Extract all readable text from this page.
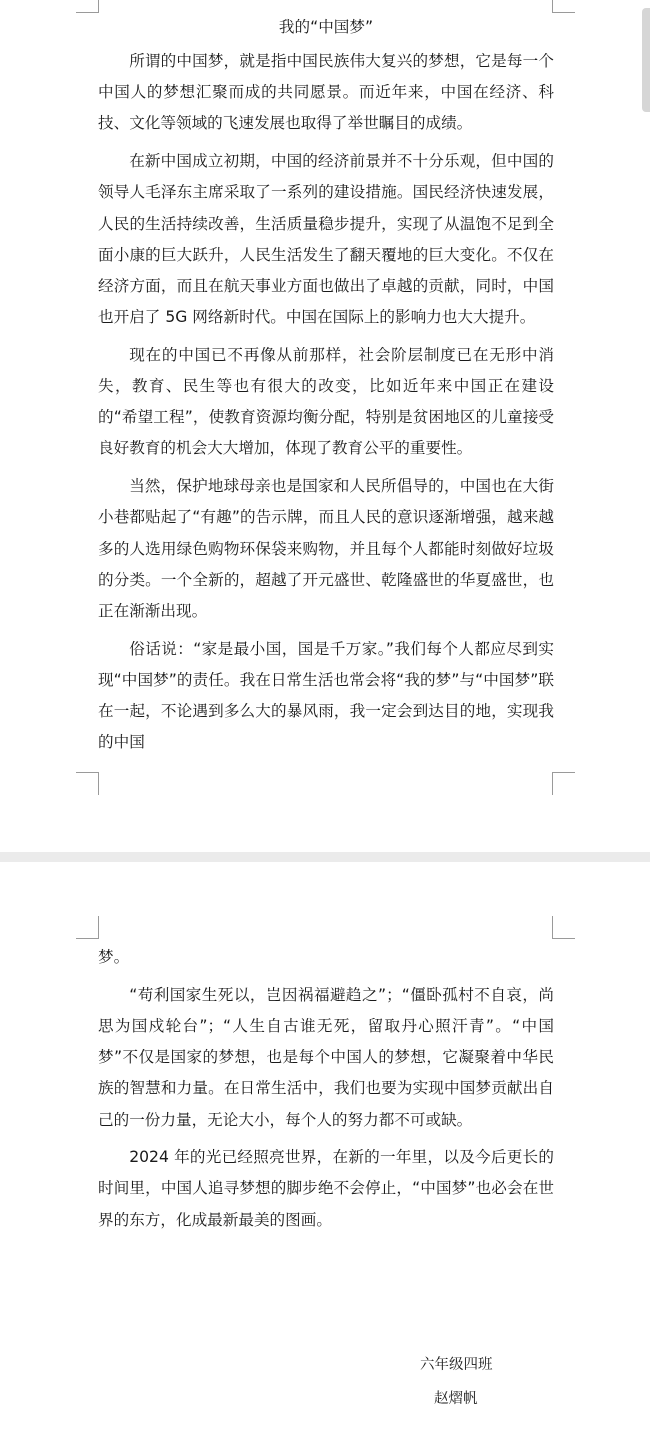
我的“中国梦”

所谓的中国梦，就是指中国民族伟大复兴的梦想，它是每一个中国人的梦想汇聚而成的共同愿景。而近年来，中国在经济、科技、文化等领域的飞速发展也取得了举世瞩目的成绩。

在新中国成立初期，中国的经济前景并不十分乐观，但中国的领导人毛泽东主席采取了一系列的建设措施。国民经济快速发展，人民的生活持续改善，生活质量稳步提升，实现了从温饱不足到全面小康的巨大跃升，人民生活发生了翻天覆地的巨大变化。不仅在经济方面，而且在航天事业方面也做出了卓越的贡献，同时，中国也开启了 5G 网络新时代。中国在国际上的影响力也大大提升。

现在的中国已不再像从前那样，社会阶层制度已在无形中消失，教育、民生等也有很大的改变，比如近年来中国正在建设的“希望工程”，使教育资源均衡分配，特别是贫困地区的儿童接受良好教育的机会大大增加，体现了教育公平的重要性。

当然，保护地球母亲也是国家和人民所倡导的，中国也在大街小巷都贴起了“有趣”的告示牌，而且人民的意识逐渐增强，越来越多的人选用绿色购物环保袋来购物，并且每个人都能时刻做好垃圾的分类。一个全新的，超越了开元盛世、乾隆盛世的华夏盛世，也正在渐渐出现。

俗话说：“家是最小国，国是千万家。”我们每个人都应尽到实现“中国梦”的责任。我在日常生活也常会将“我的梦”与“中国梦”联在一起，不论遇到多么大的暴风雨，我一定会到达目的地，实现我的中国

梦。

“苟利国家生死以，岂因祸福避趋之”；“僵卧孤村不自哀，尚思为国戍轮台”；“人生自古谁无死，留取丹心照汗青”。“中国梦”不仅是国家的梦想，也是每个中国人的梦想，它凝聚着中华民族的智慧和力量。在日常生活中，我们也要为实现中国梦贡献出自己的一份力量，无论大小，每个人的努力都不可或缺。

2024 年的光已经照亮世界，在新的一年里，以及今后更长的时间里，中国人追寻梦想的脚步绝不会停止，“中国梦”也必会在世界的东方，化成最新最美的图画。

六年级四班
赵熠帆
